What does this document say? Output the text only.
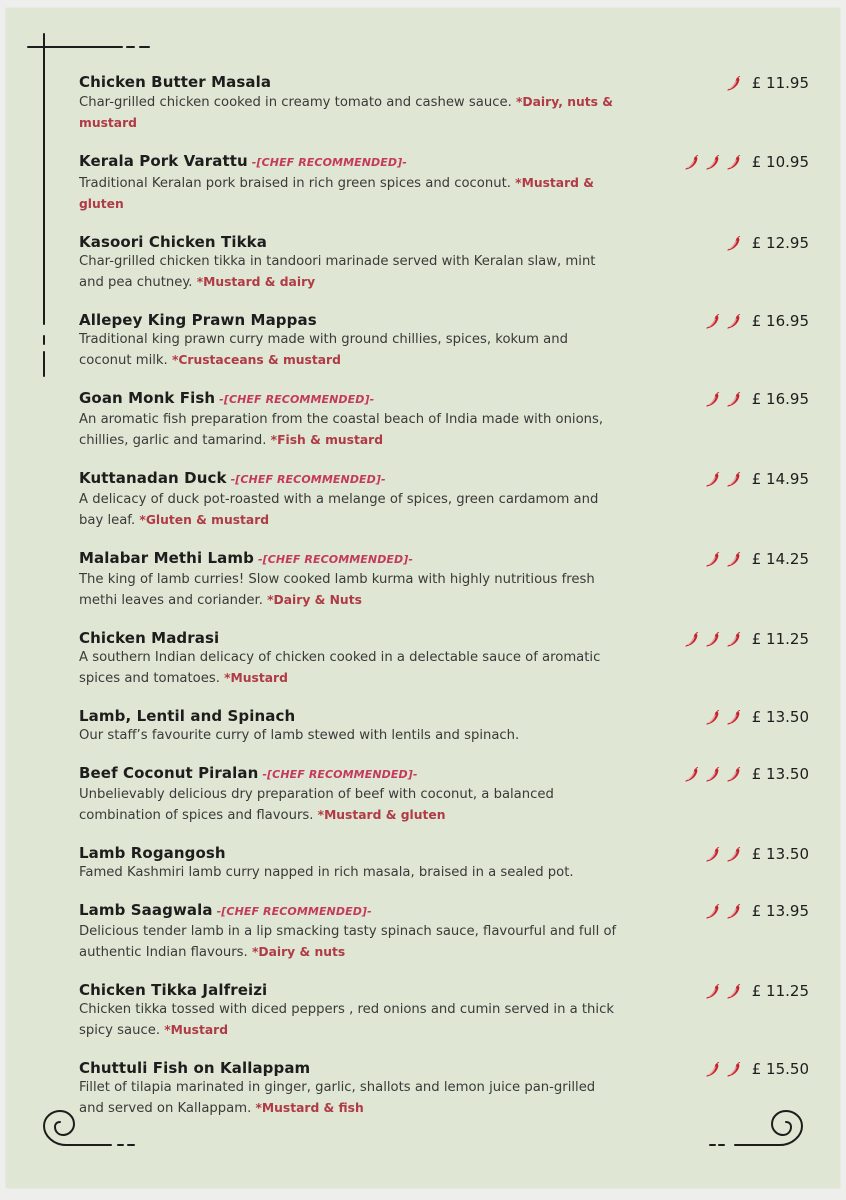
Chicken Butter Masala
Char-grilled chicken cooked in creamy tomato and cashew sauce. *Dairy, nuts & mustard
£ 11.95
Kerala Pork Varattu -[CHEF RECOMMENDED]-
Traditional Keralan pork braised in rich green spices and coconut. *Mustard & gluten
£ 10.95
Kasoori Chicken Tikka
Char-grilled chicken tikka in tandoori marinade served with Keralan slaw, mint and pea chutney. *Mustard & dairy
£ 12.95
Allepey King Prawn Mappas
Traditional king prawn curry made with ground chillies, spices, kokum and coconut milk. *Crustaceans & mustard
£ 16.95
Goan Monk Fish -[CHEF RECOMMENDED]-
An aromatic fish preparation from the coastal beach of India made with onions, chillies, garlic and tamarind. *Fish & mustard
£ 16.95
Kuttanadan Duck -[CHEF RECOMMENDED]-
A delicacy of duck pot-roasted with a melange of spices, green cardamom and bay leaf. *Gluten & mustard
£ 14.95
Malabar Methi Lamb -[CHEF RECOMMENDED]-
The king of lamb curries! Slow cooked lamb kurma with highly nutritious fresh methi leaves and coriander. *Dairy & Nuts
£ 14.25
Chicken Madrasi
A southern Indian delicacy of chicken cooked in a delectable sauce of aromatic spices and tomatoes. *Mustard
£ 11.25
Lamb, Lentil and Spinach
Our staff’s favourite curry of lamb stewed with lentils and spinach.
£ 13.50
Beef Coconut Piralan -[CHEF RECOMMENDED]-
Unbelievably delicious dry preparation of beef with coconut, a balanced combination of spices and flavours. *Mustard & gluten
£ 13.50
Lamb Rogangosh
Famed Kashmiri lamb curry napped in rich masala, braised in a sealed pot.
£ 13.50
Lamb Saagwala -[CHEF RECOMMENDED]-
Delicious tender lamb in a lip smacking tasty spinach sauce, flavourful and full of authentic Indian flavours. *Dairy & nuts
£ 13.95
Chicken Tikka Jalfreizi
Chicken tikka tossed with diced peppers , red onions and cumin served in a thick spicy sauce. *Mustard
£ 11.25
Chuttuli Fish on Kallappam
Fillet of tilapia marinated in ginger, garlic, shallots and lemon juice pan-grilled and served on Kallappam. *Mustard & fish
£ 15.50
